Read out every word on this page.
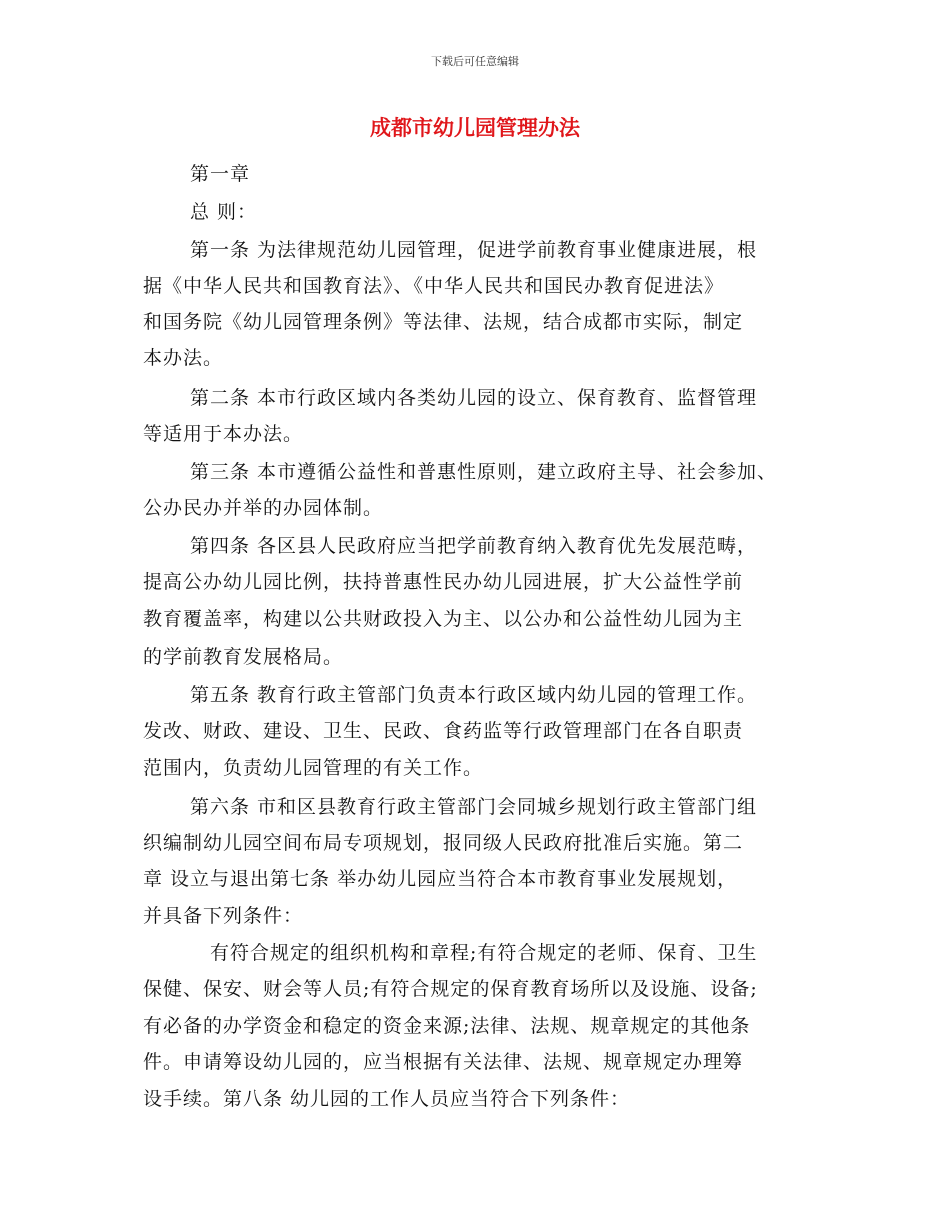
下载后可任意编辑
成都市幼儿园管理办法
第一章
总 则：
第一条 为法律规范幼儿园管理，促进学前教育事业健康进展，根
据《中华人民共和国教育法》、《中华人民共和国民办教育促进法》
和国务院《幼儿园管理条例》等法律、法规，结合成都市实际，制定
本办法。
第二条 本市行政区域内各类幼儿园的设立、保育教育、监督管理
等适用于本办法。
第三条 本市遵循公益性和普惠性原则，建立政府主导、社会参加、
公办民办并举的办园体制。
第四条 各区县人民政府应当把学前教育纳入教育优先发展范畴，
提高公办幼儿园比例，扶持普惠性民办幼儿园进展，扩大公益性学前
教育覆盖率，构建以公共财政投入为主、以公办和公益性幼儿园为主
的学前教育发展格局。
第五条 教育行政主管部门负责本行政区域内幼儿园的管理工作。
发改、财政、建设、卫生、民政、食药监等行政管理部门在各自职责
范围内，负责幼儿园管理的有关工作。
第六条 市和区县教育行政主管部门会同城乡规划行政主管部门组
织编制幼儿园空间布局专项规划，报同级人民政府批准后实施。第二
章 设立与退出第七条 举办幼儿园应当符合本市教育事业发展规划，
并具备下列条件：
有符合规定的组织机构和章程;有符合规定的老师、保育、卫生
保健、保安、财会等人员;有符合规定的保育教育场所以及设施、设备;
有必备的办学资金和稳定的资金来源;法律、法规、规章规定的其他条
件。申请筹设幼儿园的，应当根据有关法律、法规、规章规定办理筹
设手续。第八条 幼儿园的工作人员应当符合下列条件：
